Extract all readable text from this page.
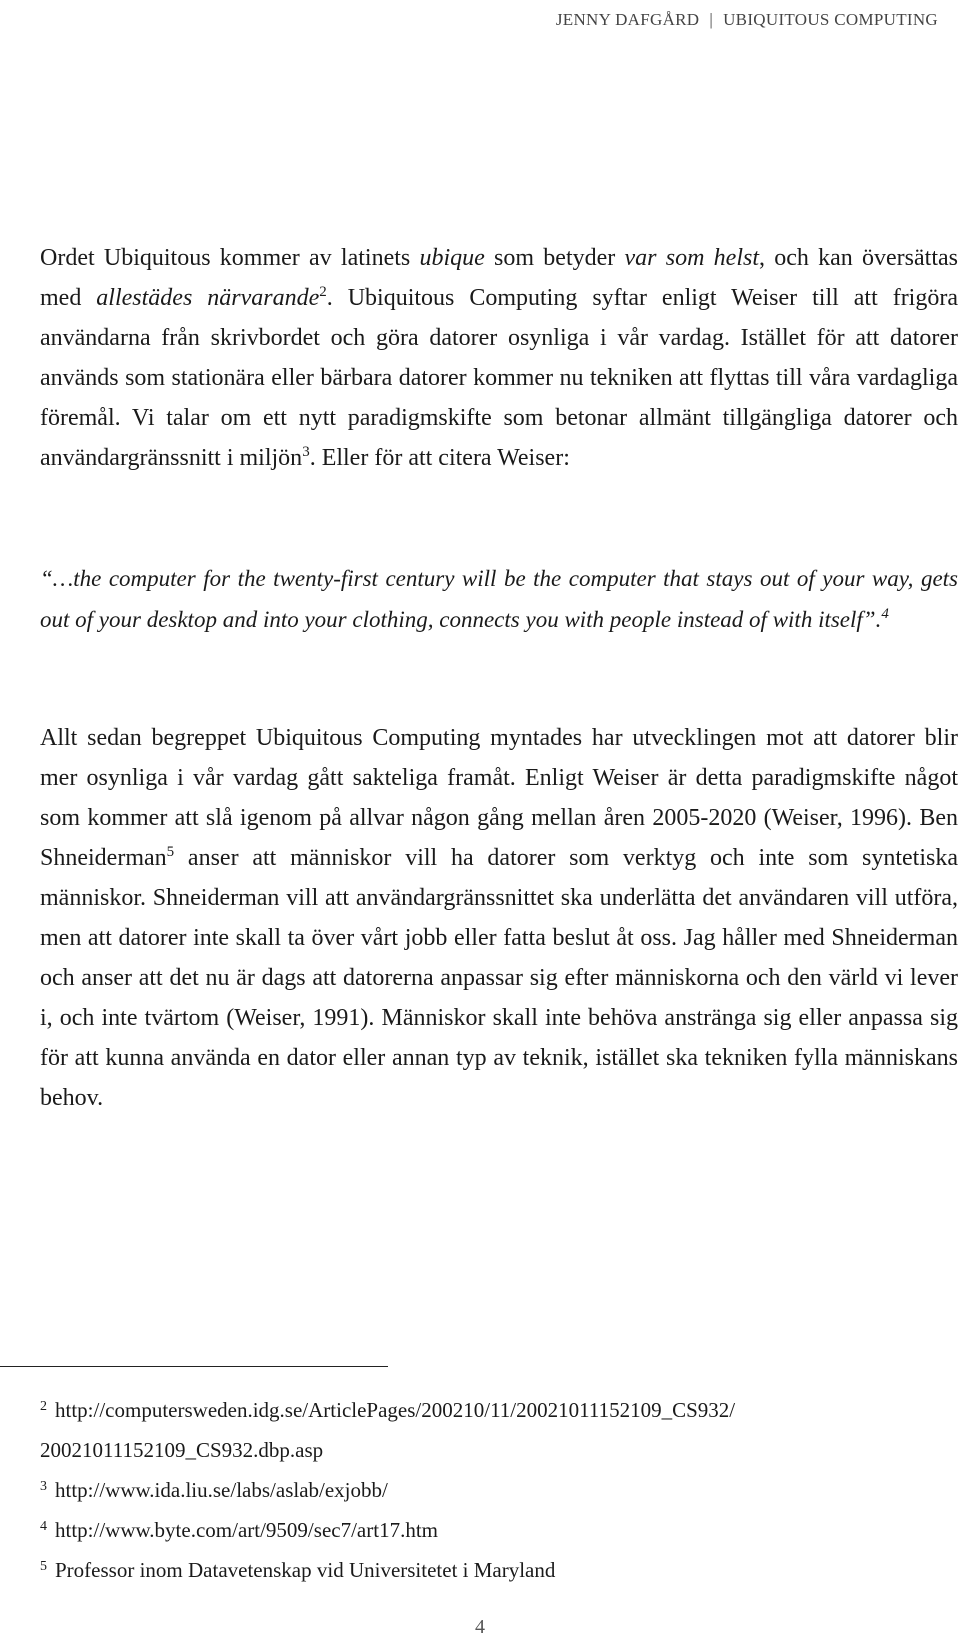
JENNY DAFGÅRD | UBIQUITOUS COMPUTING

Ordet Ubiquitous kommer av latinets ubique som betyder var som helst, och kan översättas med allestädes närvarande$^2$. Ubiquitous Computing syftar enligt Weiser till att frigöra användarna från skrivbordet och göra datorer osynliga i vår vardag. Istället för att datorer används som stationära eller bärbara datorer kommer nu tekniken att flyttas till våra vardagliga föremål. Vi talar om ett nytt paradigmskifte som betonar allmänt tillgängliga datorer och användargränssnitt i miljön$^3$. Eller för att citera Weiser:

“…the computer for the twenty-first century will be the computer that stays out of your way, gets out of your desktop and into your clothing, connects you with people instead of with itself”.$^4$

Allt sedan begreppet Ubiquitous Computing myntades har utvecklingen mot att datorer blir mer osynliga i vår vardag gått sakteliga framåt. Enligt Weiser är detta paradigmskifte något som kommer att slå igenom på allvar någon gång mellan åren 2005-2020 (Weiser, 1996). Ben Shneiderman$^5$ anser att människor vill ha datorer som verktyg och inte som syntetiska människor. Shneiderman vill att användargränssnittet ska underlätta det användaren vill utföra, men att datorer inte skall ta över vårt jobb eller fatta beslut åt oss. Jag håller med Shneiderman och anser att det nu är dags att datorerna anpassar sig efter människorna och den värld vi lever i, och inte tvärtom (Weiser, 1991). Människor skall inte behöva anstränga sig eller anpassa sig för att kunna använda en dator eller annan typ av teknik, istället ska tekniken fylla människans behov.

$^2$ http://computersweden.idg.se/ArticlePages/200210/11/20021011152109_CS932/

20021011152109_CS932.dbp.asp

$^3$ http://www.ida.liu.se/labs/aslab/exjobb/

$^4$ http://www.byte.com/art/9509/sec7/art17.htm

$^5$ Professor inom Datavetenskap vid Universitetet i Maryland

4
